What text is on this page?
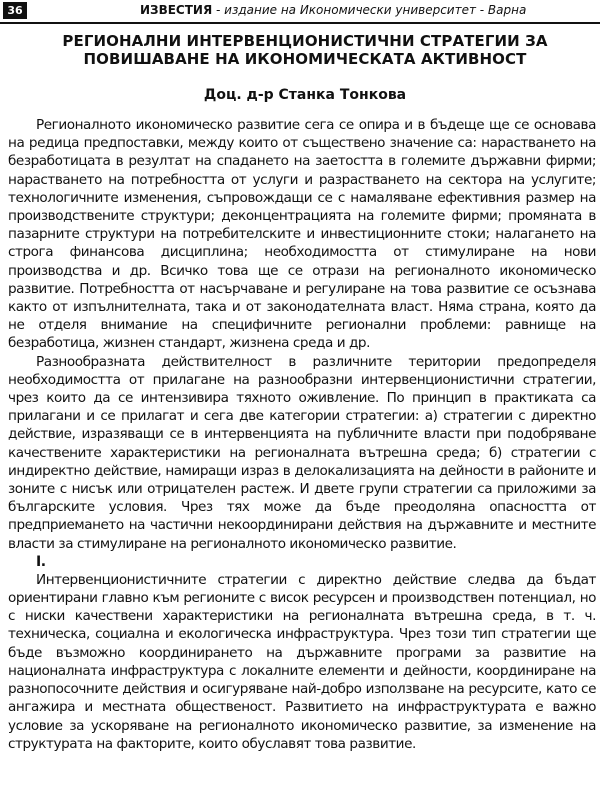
36	ИЗВЕСТИЯ - издание на Икономически университет - Варна
РЕГИОНАЛНИ ИНТЕРВЕНЦИОНИСТИЧНИ СТРАТЕГИИ ЗА
ПОВИШАВАНЕ НА ИКОНОМИЧЕСКАТА АКТИВНОСТ
Доц. д-р Станка Тонкова

Регионалното икономическо развитие сега се опира и в бъдеще ще се основава на редица предпоставки, между които от съществено значение са: нарастването на безработицата в резултат на спадането на заетостта в големите държавни фирми; нарастването на потребността от услуги и разрастването на сектора на услугите; технологичните изменения, съпровождащи се с намаляване ефективния размер на производствените структури; деконцентрацията на големите фирми; промяната в пазарните структури на потребителските и инвестиционните стоки; налагането на строга финансова дисциплина; необходимостта от стимулиране на нови производства и др. Всичко това ще се отрази на регионалното икономическо развитие. Потребността от насърчаване и регулиране на това развитие се осъзнава както от изпълнителната, така и от законодателната власт. Няма страна, която да не отделя внимание на специфичните регионални проблеми: равнище на безработица, жизнен стандарт, жизнена среда и др.

Разнообразната действителност в различните територии предопределя необходимостта от прилагане на разнообразни интервенционистични стратегии, чрез които да се интензивира тяхното оживление. По принцип в практиката са прилагани и се прилагат и сега две категории стратегии: а) стратегии с директно действие, изразяващи се в интервенцията на публичните власти при подобряване качествените характеристики на регионалната вътрешна среда; б) стратегии с индиректно действие, намиращи израз в делокализацията на дейности в районите и зоните с нисък или отрицателен растеж. И двете групи стратегии са приложими за българските условия. Чрез тях може да бъде преодоляна опасността от предприемането на частични некоординирани действия на държавните и местните власти за стимулиране на регионалното икономическо развитие.

I.

Интервенционистичните стратегии с директно действие следва да бъдат ориентирани главно към регионите с висок ресурсен и производствен потенциал, но с ниски качествени характеристики на регионалната вътрешна среда, в т. ч. техническа, социална и екологическа инфраструктура. Чрез този тип стратегии ще бъде възможно координирането на държавните програми за развитие на националната инфраструктура с локалните елементи и дейности, координиране на разнопосочните действия и осигуряване най-добро използване на ресурсите, като се ангажира и местната общественост. Развитието на инфраструктурата е важно условие за ускоряване на регионалното икономическо развитие, за изменение на структурата на факторите, които обуславят това развитие.
